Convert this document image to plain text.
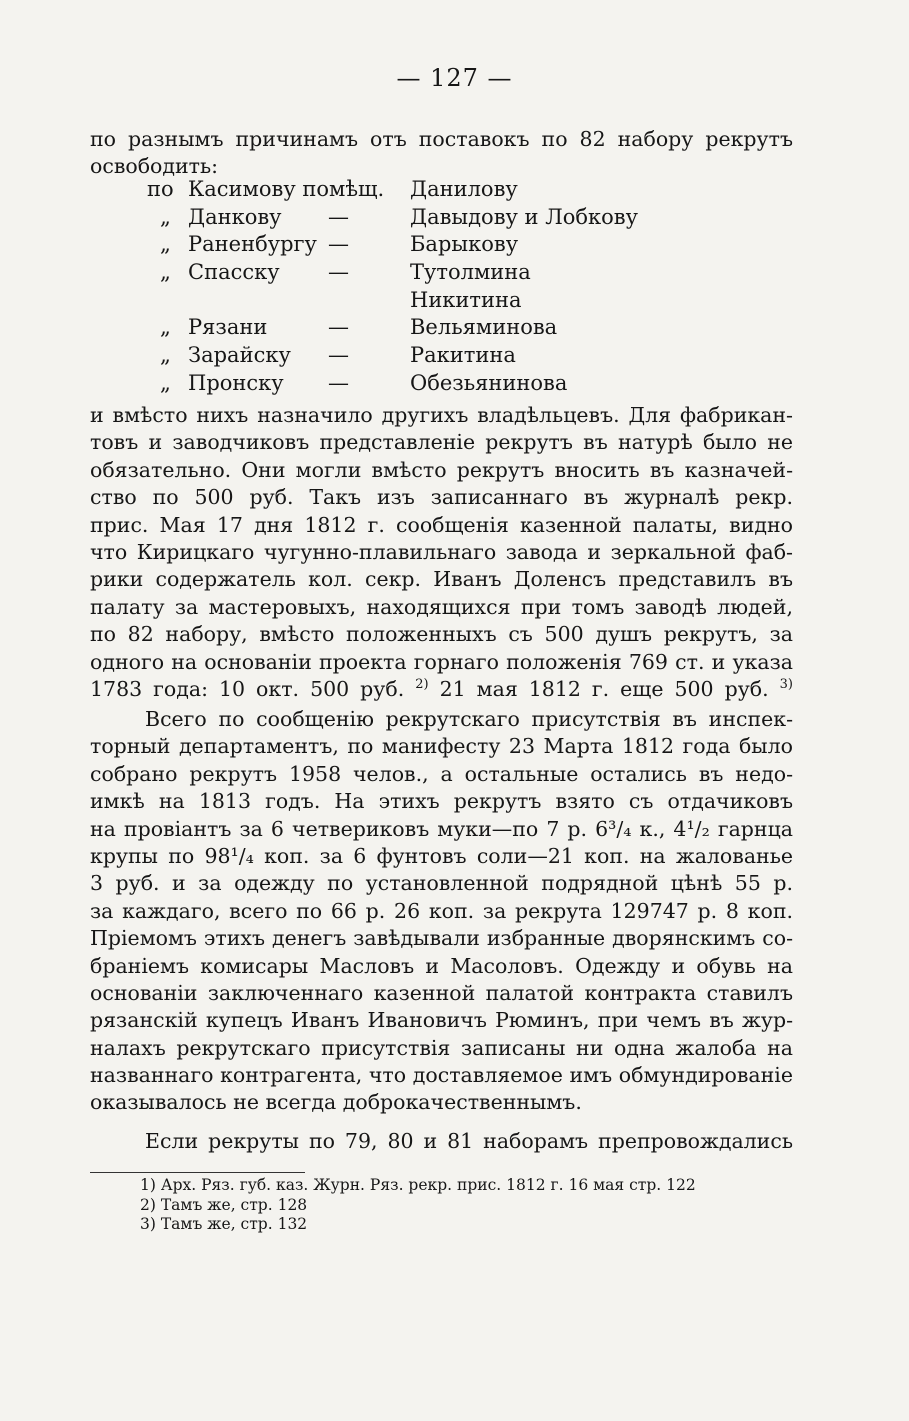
— 127 —
по разнымъ причинамъ отъ поставокъ по 82 набору рекрутъ
освободить:
по Касимову помѣщ. Данилову
„ Данкову —	Давыдову и Лобкову
„ Раненбургу —	Барыкову
„ Спасску —	Тутолмина
Никитина
„ Рязани	—	Вельяминова
„ Зарайску —	Ракитина
„ Пронску —	Обезьянинова
и вмѣсто нихъ назначило другихъ владѣльцевъ. Для фабрикан-
товъ и заводчиковъ представленіе рекрутъ въ натурѣ было не
обязательно. Они могли вмѣсто рекрутъ вносить въ казначей-
ство по 500 руб. Такъ изъ записаннаго въ журналѣ рекр.
прис. Мая 17 дня 1812 г. сообщенія казенной палаты, видно
что Кирицкаго чугунно-плавильнаго завода и зеркальной фаб-
рики содержатель кол. секр. Иванъ Доленсъ представилъ въ
палату за мастеровыхъ, находящихся при томъ заводѣ людей,
по 82 набору, вмѣсто положенныхъ съ 500 душъ рекрутъ, за
одного на основаніи проекта горнаго положенія 769 ст. и указа
1783 года: 10 окт. 500 руб. $^{2)}$ 21 мая 1812 г. еще 500 руб. $^{3)}$
Всего по сообщенію рекрутскаго присутствія въ инспек-
торный департаментъ, по манифесту 23 Марта 1812 года было
собрано рекрутъ 1958 челов., а остальные остались въ недо-
имкѣ на 1813 годъ. На этихъ рекрутъ взято съ отдачиковъ
на провіантъ за 6 четвериковъ муки—по 7 р. 6³/₄ к., 4¹/₂ гарнца
крупы по 98¹/₄ коп. за 6 фунтовъ соли—21 коп. на жалованье
3 руб. и за одежду по установленной подрядной цѣнѣ 55 р.
за каждаго, всего по 66 р. 26 коп. за рекрута 129747 р. 8 коп.
Пріемомъ этихъ денегъ завѣдывали избранные дворянскимъ со-
браніемъ комисары Масловъ и Масоловъ. Одежду и обувь на
основаніи заключеннаго казенной палатой контракта ставилъ
рязанскій купецъ Иванъ Ивановичъ Рюминъ, при чемъ въ жур-
налахъ рекрутскаго присутствія записаны ни одна жалоба на
названнаго контрагента, что доставляемое имъ обмундированіе
оказывалось не всегда доброкачественнымъ.
Если рекруты по 79, 80 и 81 наборамъ препровождались
1) Арх. Ряз. губ. каз. Журн. Ряз. рекр. прис. 1812 г. 16 мая стр. 122
2) Тамъ же, стр. 128
3) Тамъ же, стр. 132
